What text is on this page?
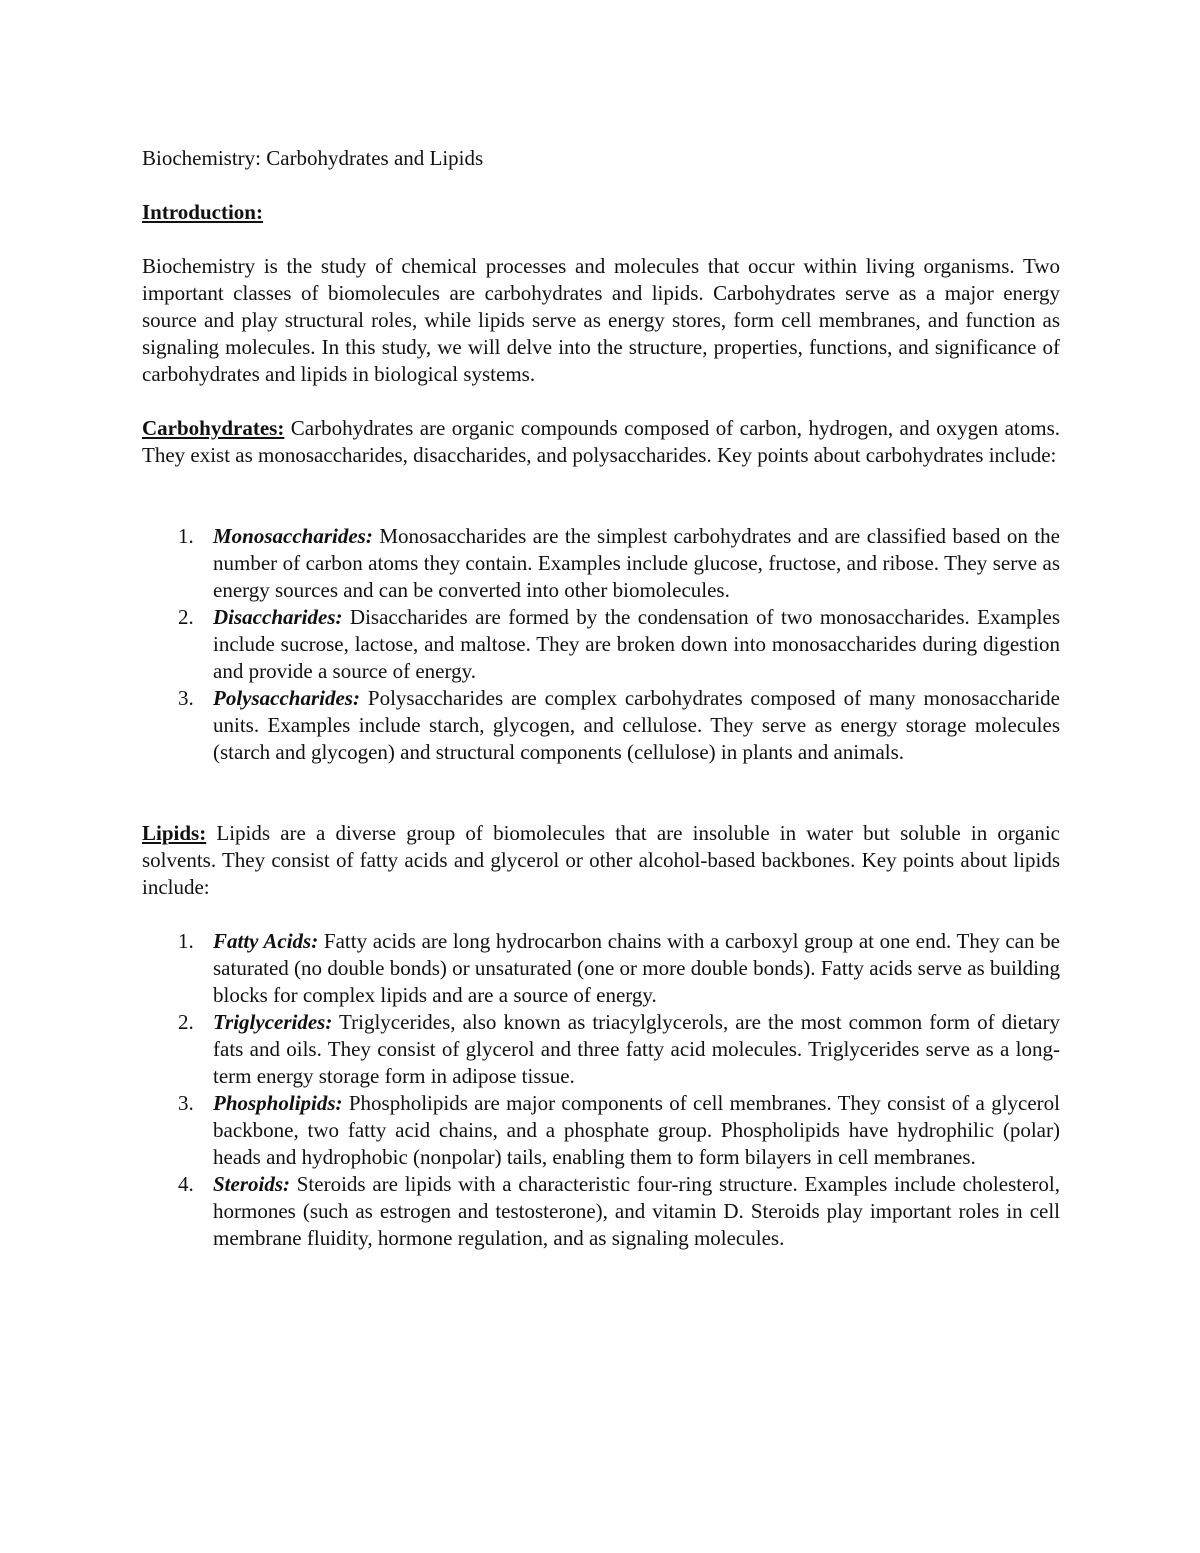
Biochemistry: Carbohydrates and Lipids
Introduction:

Biochemistry is the study of chemical processes and molecules that occur within living organisms. Two important classes of biomolecules are carbohydrates and lipids. Carbohydrates serve as a major energy source and play structural roles, while lipids serve as energy stores, form cell membranes, and function as signaling molecules. In this study, we will delve into the structure, properties, functions, and significance of carbohydrates and lipids in biological systems.

Carbohydrates: Carbohydrates are organic compounds composed of carbon, hydrogen, and oxygen atoms. They exist as monosaccharides, disaccharides, and polysaccharides. Key points about carbohydrates include:

1. Monosaccharides: Monosaccharides are the simplest carbohydrates and are classified based on the number of carbon atoms they contain. Examples include glucose, fructose, and ribose. They serve as energy sources and can be converted into other biomolecules.
2. Disaccharides: Disaccharides are formed by the condensation of two monosaccharides. Examples include sucrose, lactose, and maltose. They are broken down into monosaccharides during digestion and provide a source of energy.
3. Polysaccharides: Polysaccharides are complex carbohydrates composed of many monosaccharide units. Examples include starch, glycogen, and cellulose. They serve as energy storage molecules (starch and glycogen) and structural components (cellulose) in plants and animals.

Lipids: Lipids are a diverse group of biomolecules that are insoluble in water but soluble in organic solvents. They consist of fatty acids and glycerol or other alcohol-based backbones. Key points about lipids include:

1. Fatty Acids: Fatty acids are long hydrocarbon chains with a carboxyl group at one end. They can be saturated (no double bonds) or unsaturated (one or more double bonds). Fatty acids serve as building blocks for complex lipids and are a source of energy.
2. Triglycerides: Triglycerides, also known as triacylglycerols, are the most common form of dietary fats and oils. They consist of glycerol and three fatty acid molecules. Triglycerides serve as a long-term energy storage form in adipose tissue.
3. Phospholipids: Phospholipids are major components of cell membranes. They consist of a glycerol backbone, two fatty acid chains, and a phosphate group. Phospholipids have hydrophilic (polar) heads and hydrophobic (nonpolar) tails, enabling them to form bilayers in cell membranes.
4. Steroids: Steroids are lipids with a characteristic four-ring structure. Examples include cholesterol, hormones (such as estrogen and testosterone), and vitamin D. Steroids play important roles in cell membrane fluidity, hormone regulation, and as signaling molecules.
